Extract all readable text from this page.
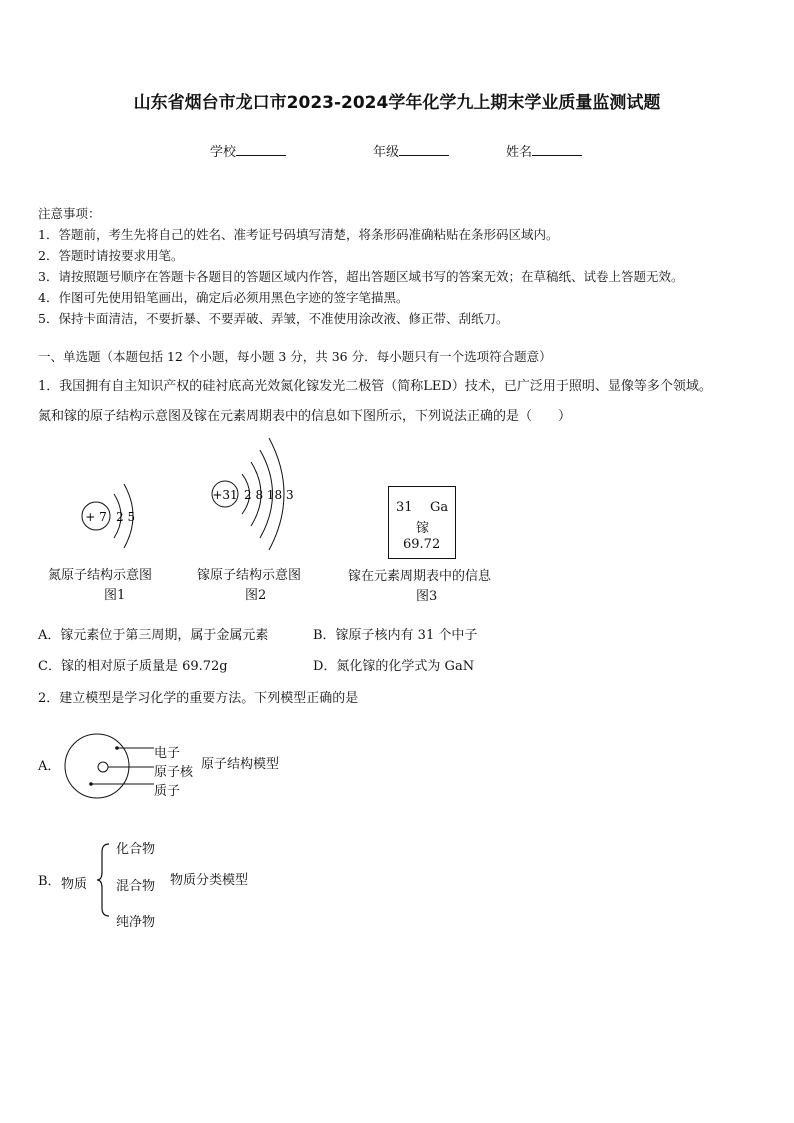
山东省烟台市龙口市2023-2024学年化学九上期末学业质量监测试题
学校	年级	姓名
注意事项：
1．答题前，考生先将自己的姓名、准考证号码填写清楚，将条形码准确粘贴在条形码区域内。
2．答题时请按要求用笔。
3．请按照题号顺序在答题卡各题目的答题区域内作答，超出答题区域书写的答案无效；在草稿纸、试卷上答题无效。
4．作图可先使用铅笔画出，确定后必须用黑色字迹的签字笔描黑。
5．保持卡面清洁，不要折暴、不要弄破、弄皱，不准使用涂改液、修正带、刮纸刀。
一、单选题（本题包括 12 个小题，每小题 3 分，共 36 分．每小题只有一个选项符合题意）
1．我国拥有自主知识产权的硅衬底高光效氮化镓发光二极管（简称LED）技术，已广泛用于照明、显像等多个领域。
氮和镓的原子结构示意图及镓在元素周期表中的信息如下图所示，下列说法正确的是（　　）
+ 7 2 5
氮原子结构示意图
图1
+31 2 8 18 3
镓原子结构示意图
图2
31 Ga
镓
69.72
镓在元素周期表中的信息
图3
A．镓元素位于第三周期，属于金属元素	B．镓原子核内有 31 个中子
C．镓的相对原子质量是 69.72g	D．氮化镓的化学式为 GaN
2．建立模型是学习化学的重要方法。下列模型正确的是
A．
电子
原子核
质子
原子结构模型
B． 物质
化合物
混合物
纯净物
物质分类模型
